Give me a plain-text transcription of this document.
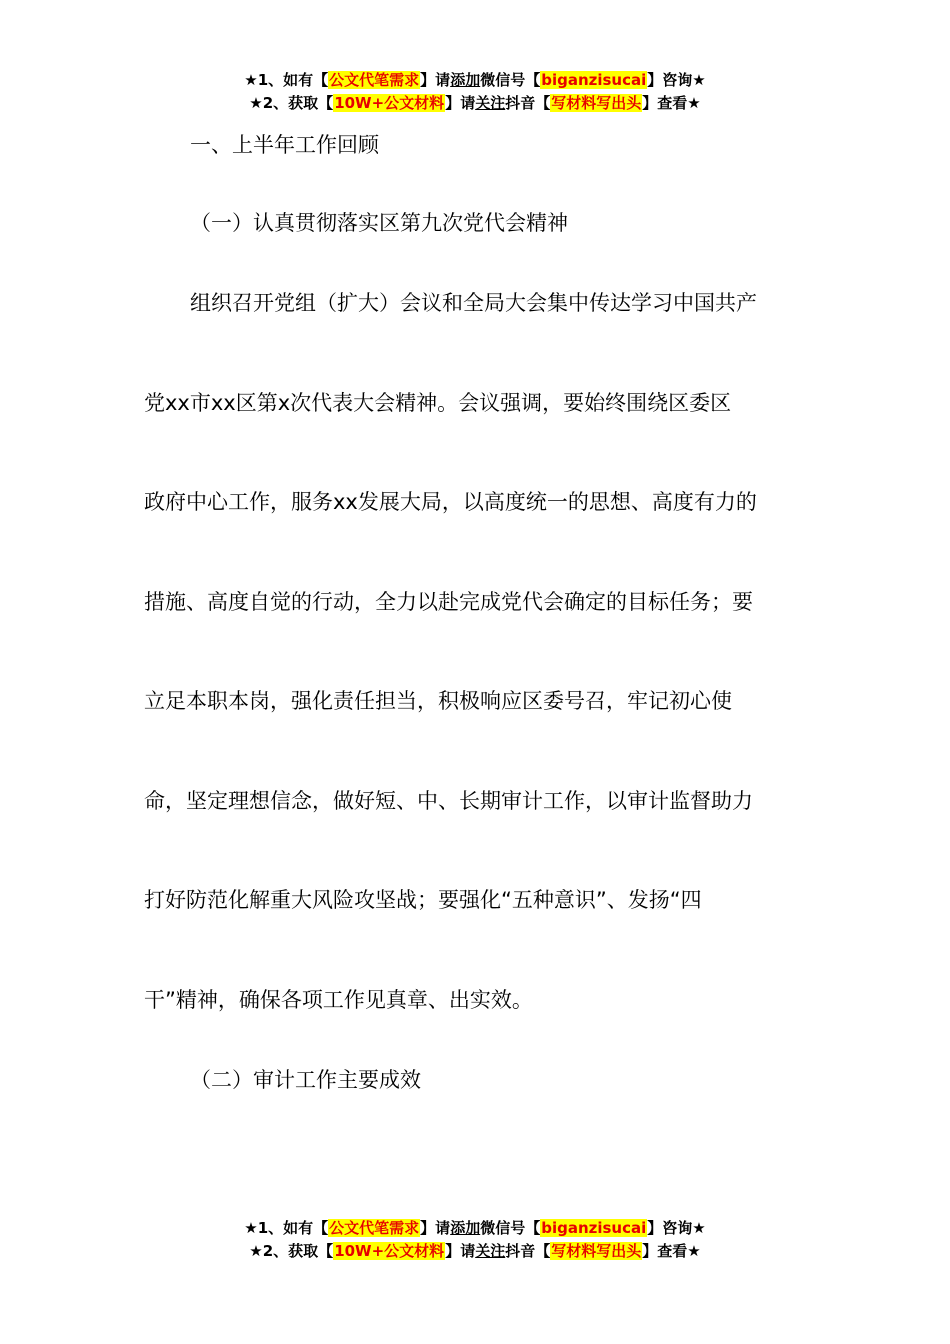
★1、如有【公文代笔需求】请添加微信号【biganzisucai】咨询★
★2、获取【10W+公文材料】请关注抖音【写材料写出头】查看★
一、上半年工作回顾
（一）认真贯彻落实区第九次党代会精神
组织召开党组（扩大）会议和全局大会集中传达学习中国共产
党xx市xx区第x次代表大会精神。会议强调，要始终围绕区委区
政府中心工作，服务xx发展大局，以高度统一的思想、高度有力的
措施、高度自觉的行动，全力以赴完成党代会确定的目标任务；要
立足本职本岗，强化责任担当，积极响应区委号召，牢记初心使
命，坚定理想信念，做好短、中、长期审计工作，以审计监督助力
打好防范化解重大风险攻坚战；要强化“五种意识”、发扬“四
干”精神，确保各项工作见真章、出实效。
（二）审计工作主要成效
★1、如有【公文代笔需求】请添加微信号【biganzisucai】咨询★
★2、获取【10W+公文材料】请关注抖音【写材料写出头】查看★
